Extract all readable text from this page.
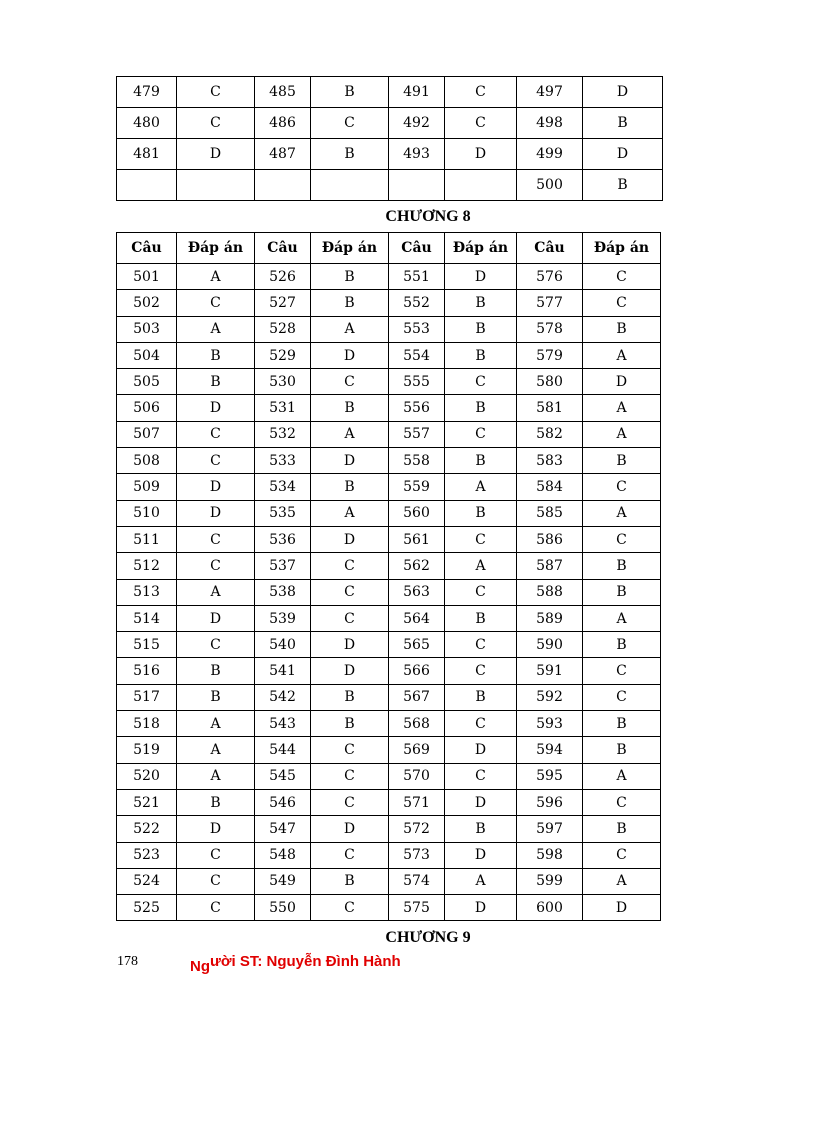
479	C	485	B	491	C	497	D
480	C	486	C	492	C	498	B
481	D	487	B	493	D	499	D
						500	B
CHƯƠNG 8
Câu	Đáp án	Câu	Đáp án	Câu	Đáp án	Câu	Đáp án
501	A	526	B	551	D	576	C
502	C	527	B	552	B	577	C
503	A	528	A	553	B	578	B
504	B	529	D	554	B	579	A
505	B	530	C	555	C	580	D
506	D	531	B	556	B	581	A
507	C	532	A	557	C	582	A
508	C	533	D	558	B	583	B
509	D	534	B	559	A	584	C
510	D	535	A	560	B	585	A
511	C	536	D	561	C	586	C
512	C	537	C	562	A	587	B
513	A	538	C	563	C	588	B
514	D	539	C	564	B	589	A
515	C	540	D	565	C	590	B
516	B	541	D	566	C	591	C
517	B	542	B	567	B	592	C
518	A	543	B	568	C	593	B
519	A	544	C	569	D	594	B
520	A	545	C	570	C	595	A
521	B	546	C	571	D	596	C
522	D	547	D	572	B	597	B
523	C	548	C	573	D	598	C
524	C	549	B	574	A	599	A
525	C	550	C	575	D	600	D
CHƯƠNG 9
178	Người ST: Nguyễn Đình Hành
